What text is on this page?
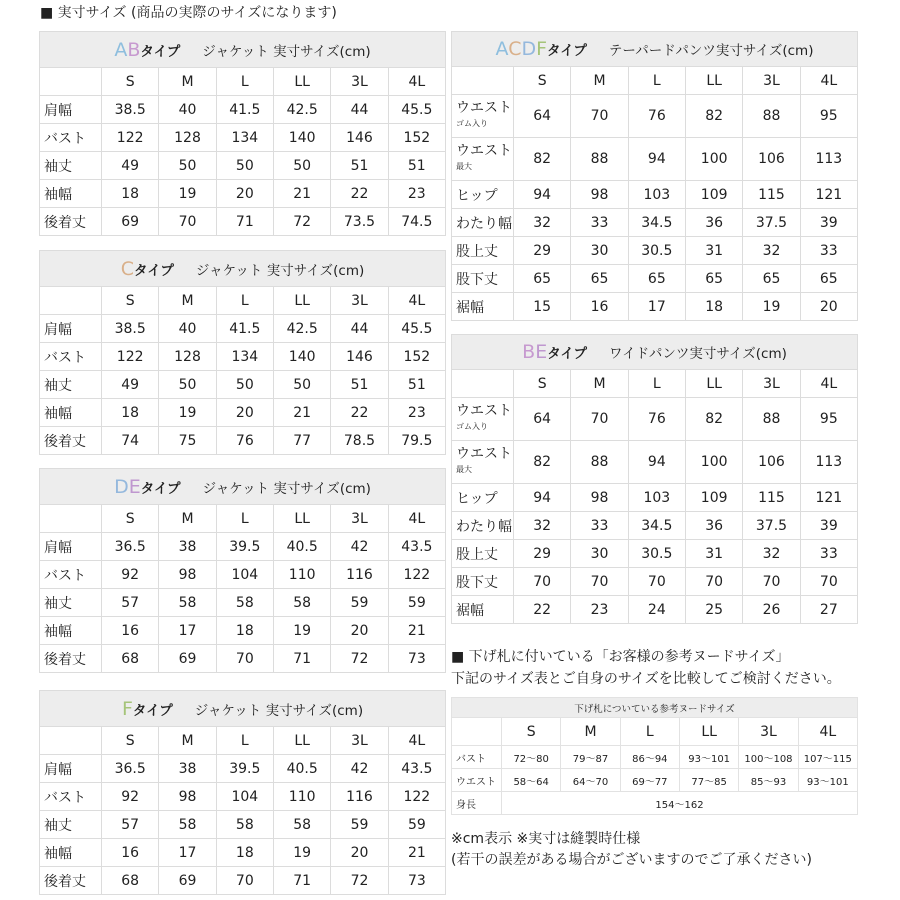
■ 実寸サイズ (商品の実際のサイズになります)
ABタイプ ジャケット 実寸サイズ(cm)						
	S	M	L	LL	3L	4L
肩幅	38.5	40	41.5	42.5	44	45.5
バスト	122	128	134	140	146	152
袖丈	49	50	50	50	51	51
袖幅	18	19	20	21	22	23
後着丈	69	70	71	72	73.5	74.5
Cタイプ ジャケット 実寸サイズ(cm)						
	S	M	L	LL	3L	4L
肩幅	38.5	40	41.5	42.5	44	45.5
バスト	122	128	134	140	146	152
袖丈	49	50	50	50	51	51
袖幅	18	19	20	21	22	23
後着丈	74	75	76	77	78.5	79.5
DEタイプ ジャケット 実寸サイズ(cm)						
	S	M	L	LL	3L	4L
肩幅	36.5	38	39.5	40.5	42	43.5
バスト	92	98	104	110	116	122
袖丈	57	58	58	58	59	59
袖幅	16	17	18	19	20	21
後着丈	68	69	70	71	72	73
Fタイプ ジャケット 実寸サイズ(cm)						
	S	M	L	LL	3L	4L
肩幅	36.5	38	39.5	40.5	42	43.5
バスト	92	98	104	110	116	122
袖丈	57	58	58	58	59	59
袖幅	16	17	18	19	20	21
後着丈	68	69	70	71	72	73
ACDFタイプ テーパードパンツ実寸サイズ(cm)						
	S	M	L	LL	3L	4L
ウエスト
ゴム入り	64	70	76	82	88	95
ウエスト
最大	82	88	94	100	106	113
ヒップ	94	98	103	109	115	121
わたり幅	32	33	34.5	36	37.5	39
股上丈	29	30	30.5	31	32	33
股下丈	65	65	65	65	65	65
裾幅	15	16	17	18	19	20
BEタイプ ワイドパンツ実寸サイズ(cm)						
	S	M	L	LL	3L	4L
ウエスト
ゴム入り	64	70	76	82	88	95
ウエスト
最大	82	88	94	100	106	113
ヒップ	94	98	103	109	115	121
わたり幅	32	33	34.5	36	37.5	39
股上丈	29	30	30.5	31	32	33
股下丈	70	70	70	70	70	70
裾幅	22	23	24	25	26	27
■ 下げ札に付いている「お客様の参考ヌードサイズ」
下記のサイズ表とご自身のサイズを比較してご検討ください。
下げ札についている参考ヌードサイズ						
	S	M	L	LL	3L	4L
バスト	72〜80	79〜87	86〜94	93〜101	100〜108	107〜115
ウエスト	58〜64	64〜70	69〜77	77〜85	85〜93	93〜101
身長	154〜162					
※cm表示 ※実寸は縫製時仕様
(若干の誤差がある場合がございますのでご了承ください)
